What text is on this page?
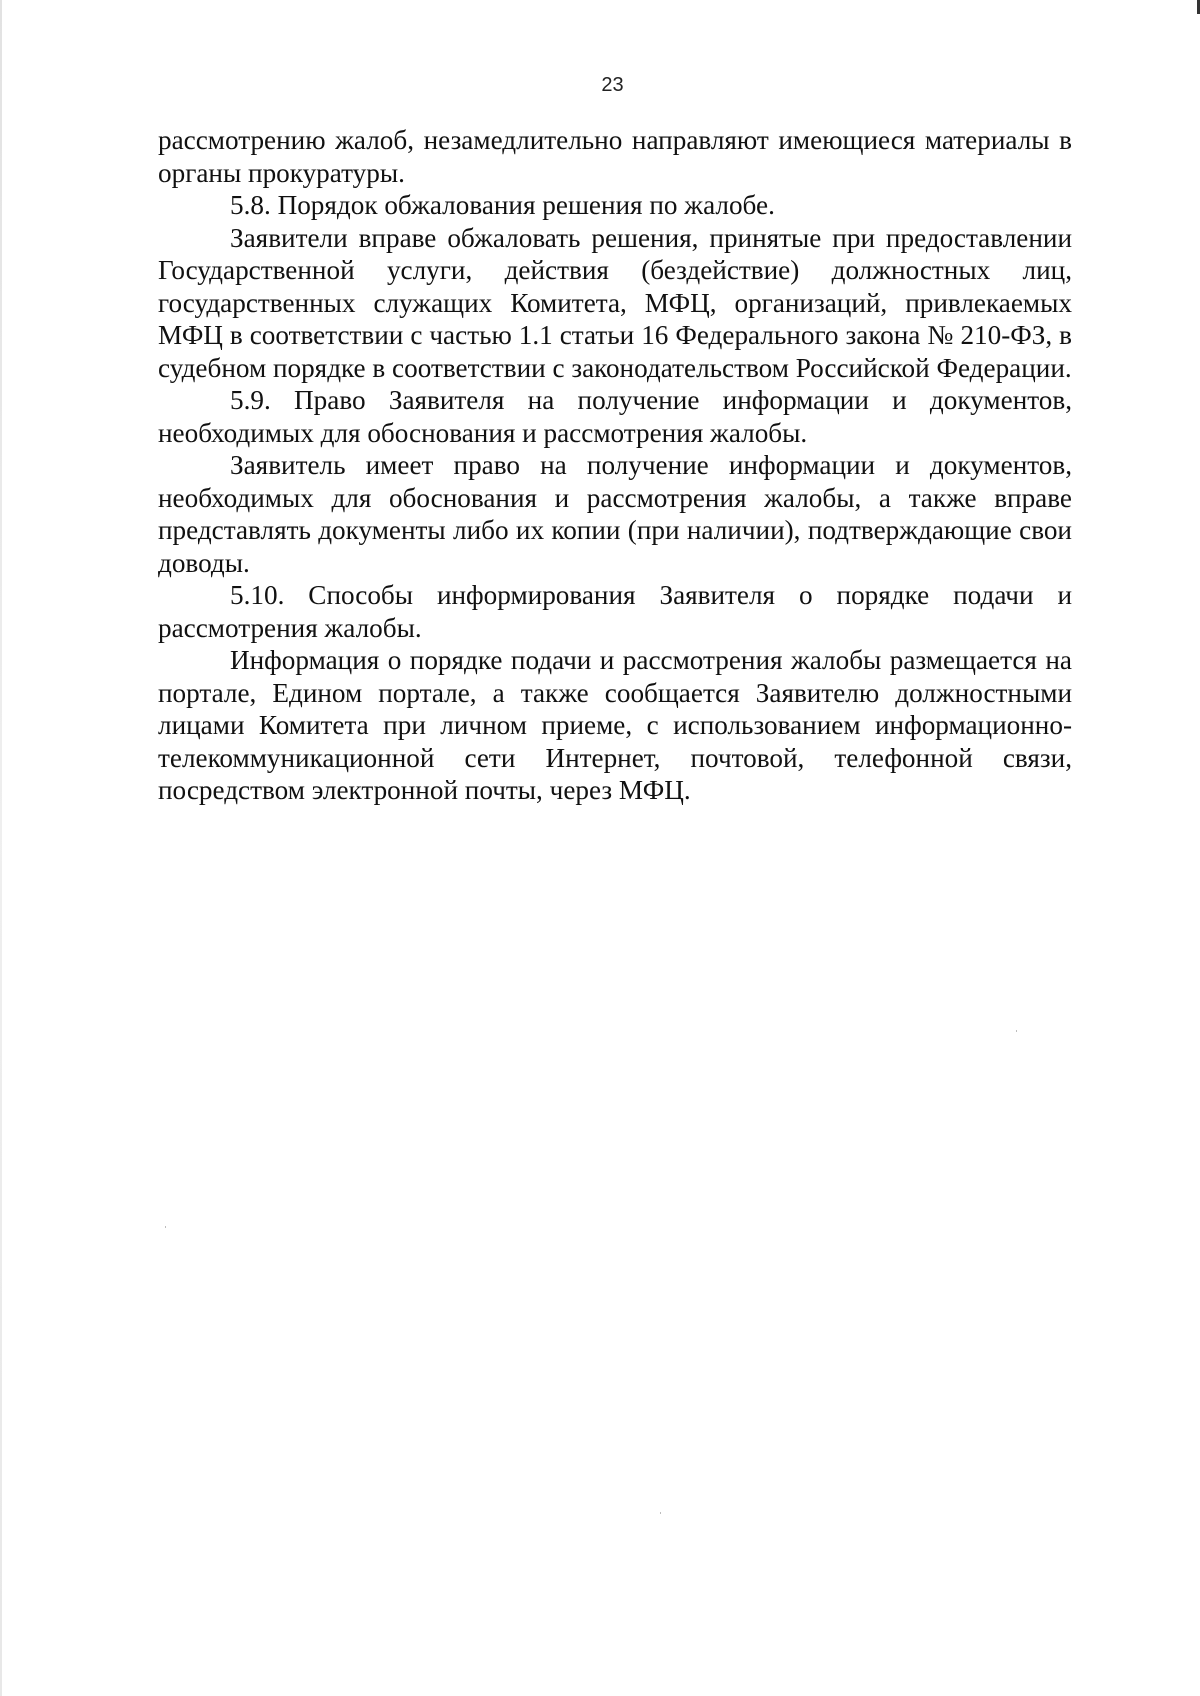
23

рассмотрению жалоб, незамедлительно направляют имеющиеся материалы в органы прокуратуры.

5.8. Порядок обжалования решения по жалобе.

Заявители вправе обжаловать решения, принятые при предоставлении Государственной услуги, действия (бездействие) должностных лиц, государственных служащих Комитета, МФЦ, организаций, привлекаемых МФЦ в соответствии с частью 1.1 статьи 16 Федерального закона № 210-ФЗ, в судебном порядке в соответствии с законодательством Российской Федерации.

5.9. Право Заявителя на получение информации и документов, необходимых для обоснования и рассмотрения жалобы.

Заявитель имеет право на получение информации и документов, необходимых для обоснования и рассмотрения жалобы, а также вправе представлять документы либо их копии (при наличии), подтверждающие свои доводы.

5.10. Способы информирования Заявителя о порядке подачи и рассмотрения жалобы.

Информация о порядке подачи и рассмотрения жалобы размещается на портале, Едином портале, а также сообщается Заявителю должностными лицами Комитета при личном приеме, с использованием информационно-телекоммуникационной сети Интернет, почтовой, телефонной связи, посредством электронной почты, через МФЦ.
